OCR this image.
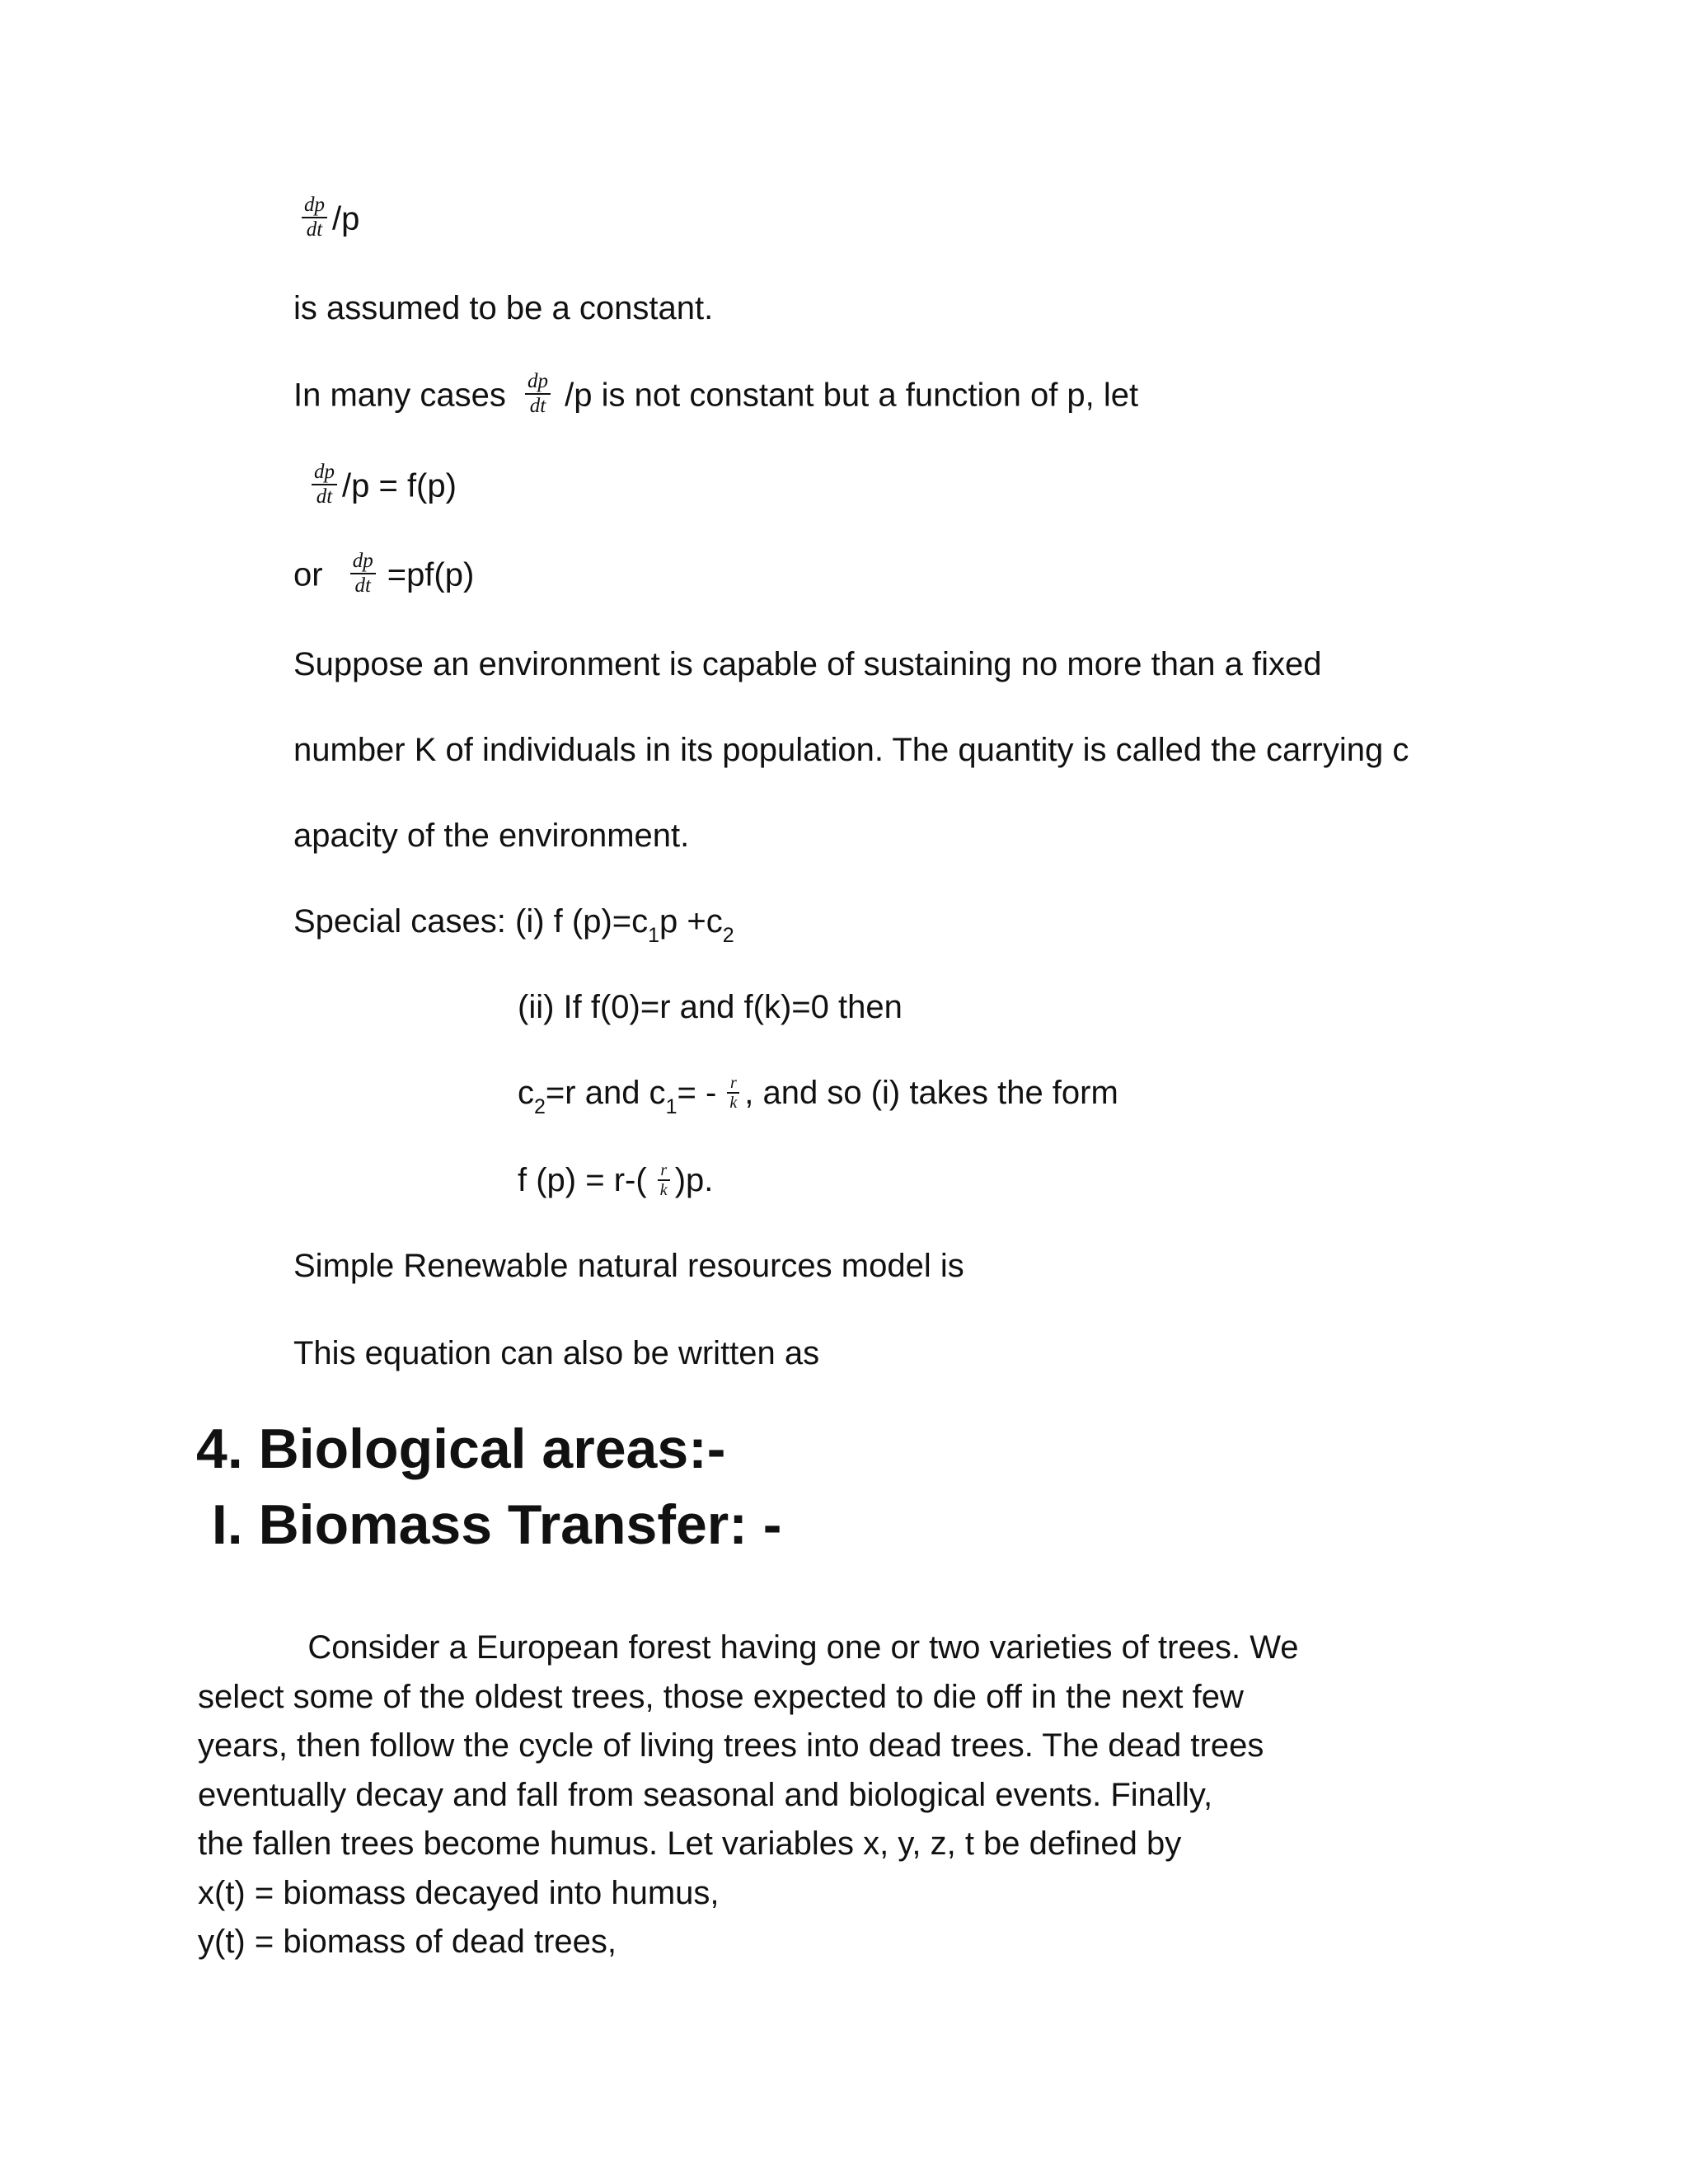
$\frac{dp}{dt} /p$
is assumed to be a constant.
In many cases $\frac{dp}{dt} /p$ is not constant but a function of p, let
$\frac{dp}{dt} /p = f(p)$
or $\frac{dp}{dt} =pf(p)$
Suppose an environment is capable of sustaining no more than a fixed
number K of individuals in its population. The quantity is called the carrying c
apacity of the environment.
Special cases: (i) f $(p)=c_1p +c_2$
(ii) If f(0)=r and f(k)=0 then
$c_2=r$ and $c_1= - \frac{r}{k}$ , and so (i) takes the form
f $(p) = r-( \frac{r}{k} )p$.
Simple Renewable natural resources model is
This equation can also be written as
4. Biological areas:-
I. Biomass Transfer: -
Consider a European forest having one or two varieties of trees. We
select some of the oldest trees, those expected to die off in the next few
years, then follow the cycle of living trees into dead trees. The dead trees
eventually decay and fall from seasonal and biological events. Finally,
the fallen trees become humus. Let variables x, y, z, t be defined by
x(t) = biomass decayed into humus,
y(t) = biomass of dead trees,
